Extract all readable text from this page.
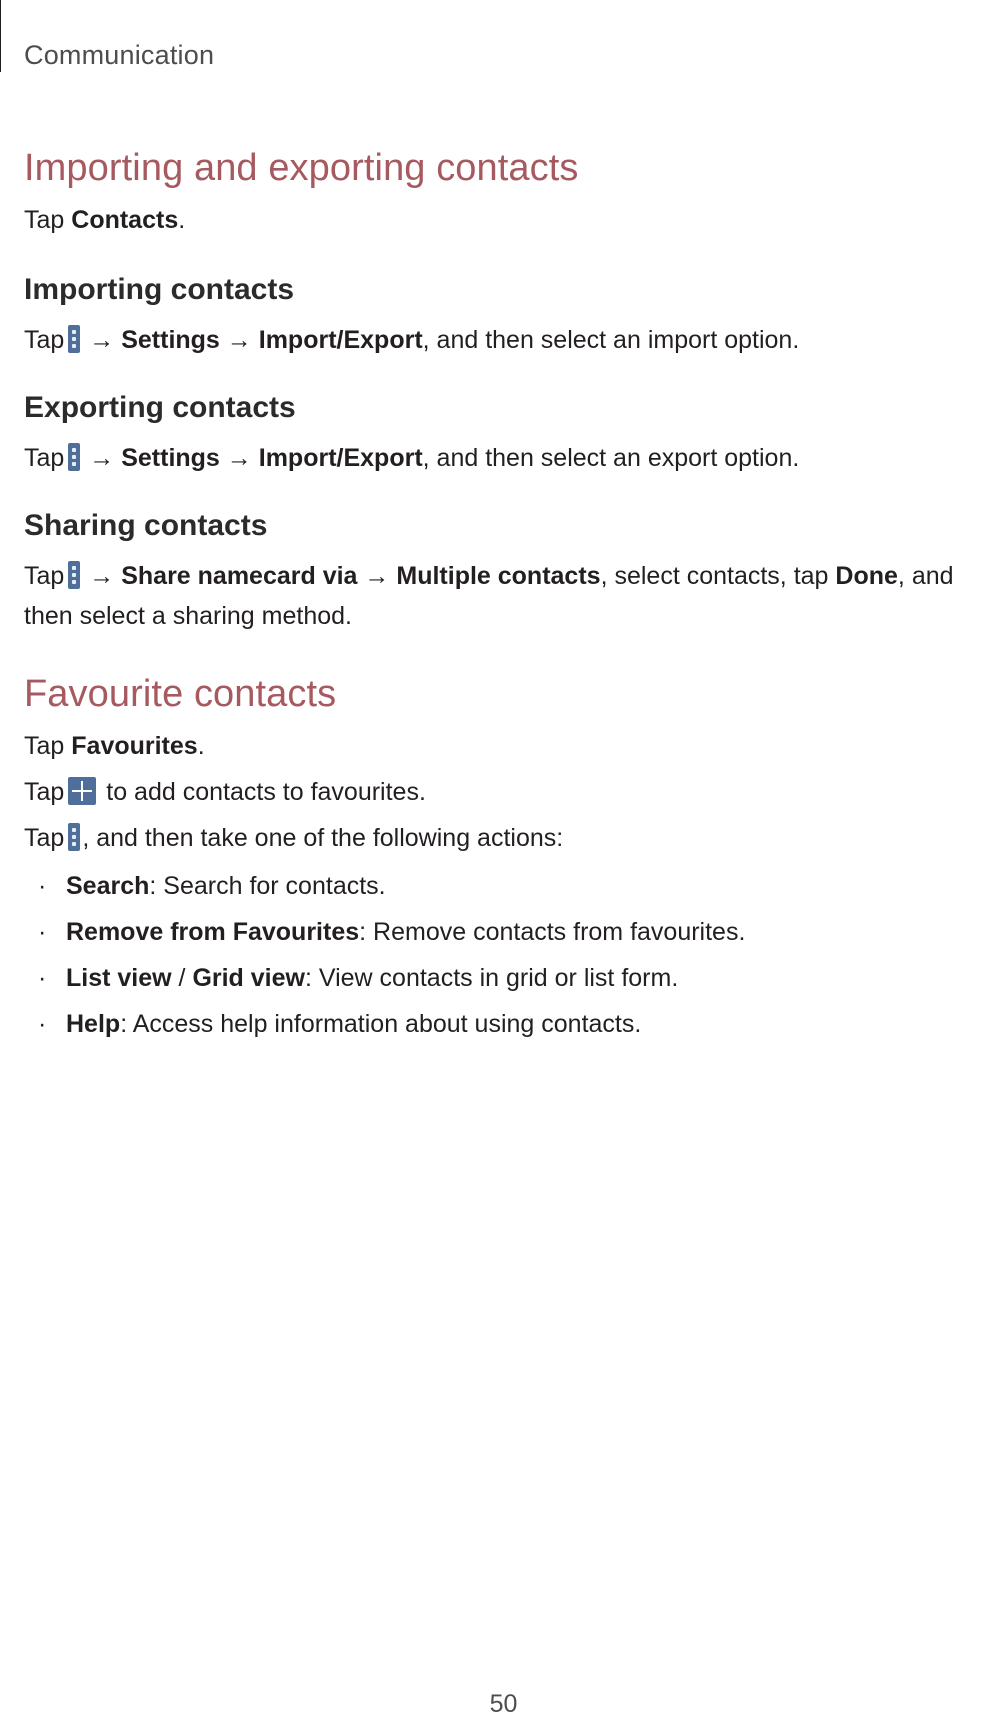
Communication
Importing and exporting contacts

Tap Contacts.

Importing contacts

Tap → Settings → Import/Export, and then select an import option.

Exporting contacts

Tap → Settings → Import/Export, and then select an export option.

Sharing contacts

Tap → Share namecard via → Multiple contacts, select contacts, tap Done, and then select a sharing method.

Favourite contacts

Tap Favourites.

Tap to add contacts to favourites.

Tap , and then take one of the following actions:

· Search: Search for contacts.
· Remove from Favourites: Remove contacts from favourites.
· List view / Grid view: View contacts in grid or list form.
· Help: Access help information about using contacts.
50
